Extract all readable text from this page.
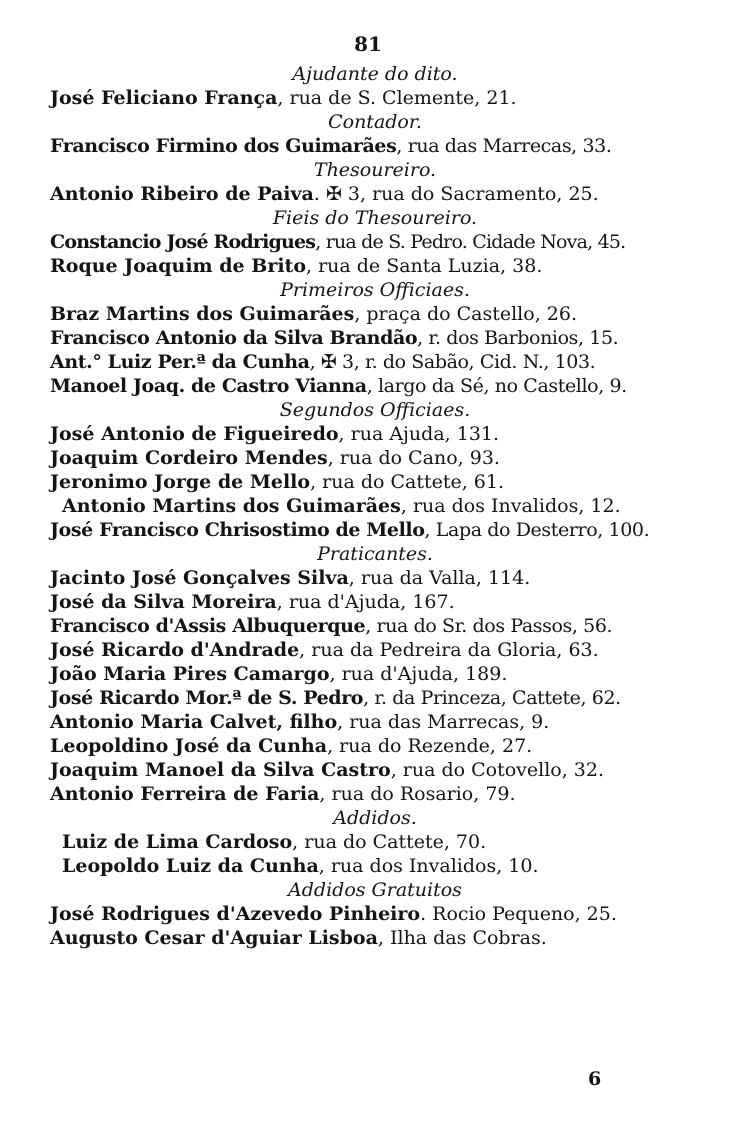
81
Ajudante do dito.
José Feliciano França, rua de S. Clemente, 21.
Contador.
Francisco Firmino dos Guimarães, rua das Marrecas, 33.
Thesoureiro.
Antonio Ribeiro de Paiva. ✠ 3, rua do Sacramento, 25.
Fieis do Thesoureiro.
Constancio José Rodrigues, rua de S. Pedro. Cidade Nova, 45.
Roque Joaquim de Brito, rua de Santa Luzia, 38.
Primeiros Officiaes.
Braz Martins dos Guimarães, praça do Castello, 26.
Francisco Antonio da Silva Brandão, r. dos Barbonios, 15.
Ant.° Luiz Per.ª da Cunha, ✠ 3, r. do Sabão, Cid. N., 103.
Manoel Joaq. de Castro Vianna, largo da Sé, no Castello, 9.
Segundos Officiaes.
José Antonio de Figueiredo, rua Ajuda, 131.
Joaquim Cordeiro Mendes, rua do Cano, 93.
Jeronimo Jorge de Mello, rua do Cattete, 61.
Antonio Martins dos Guimarães, rua dos Invalidos, 12.
José Francisco Chrisostimo de Mello, Lapa do Desterro, 100.
Praticantes.
Jacinto José Gonçalves Silva, rua da Valla, 114.
José da Silva Moreira, rua d'Ajuda, 167.
Francisco d'Assis Albuquerque, rua do Sr. dos Passos, 56.
José Ricardo d'Andrade, rua da Pedreira da Gloria, 63.
João Maria Pires Camargo, rua d'Ajuda, 189.
José Ricardo Mor.ª de S. Pedro, r. da Princeza, Cattete, 62.
Antonio Maria Calvet, filho, rua das Marrecas, 9.
Leopoldino José da Cunha, rua do Rezende, 27.
Joaquim Manoel da Silva Castro, rua do Cotovello, 32.
Antonio Ferreira de Faria, rua do Rosario, 79.
Addidos.
Luiz de Lima Cardoso, rua do Cattete, 70.
Leopoldo Luiz da Cunha, rua dos Invalidos, 10.
Addidos Gratuitos
José Rodrigues d'Azevedo Pinheiro. Rocio Pequeno, 25.
Augusto Cesar d'Aguiar Lisboa, Ilha das Cobras.
6
